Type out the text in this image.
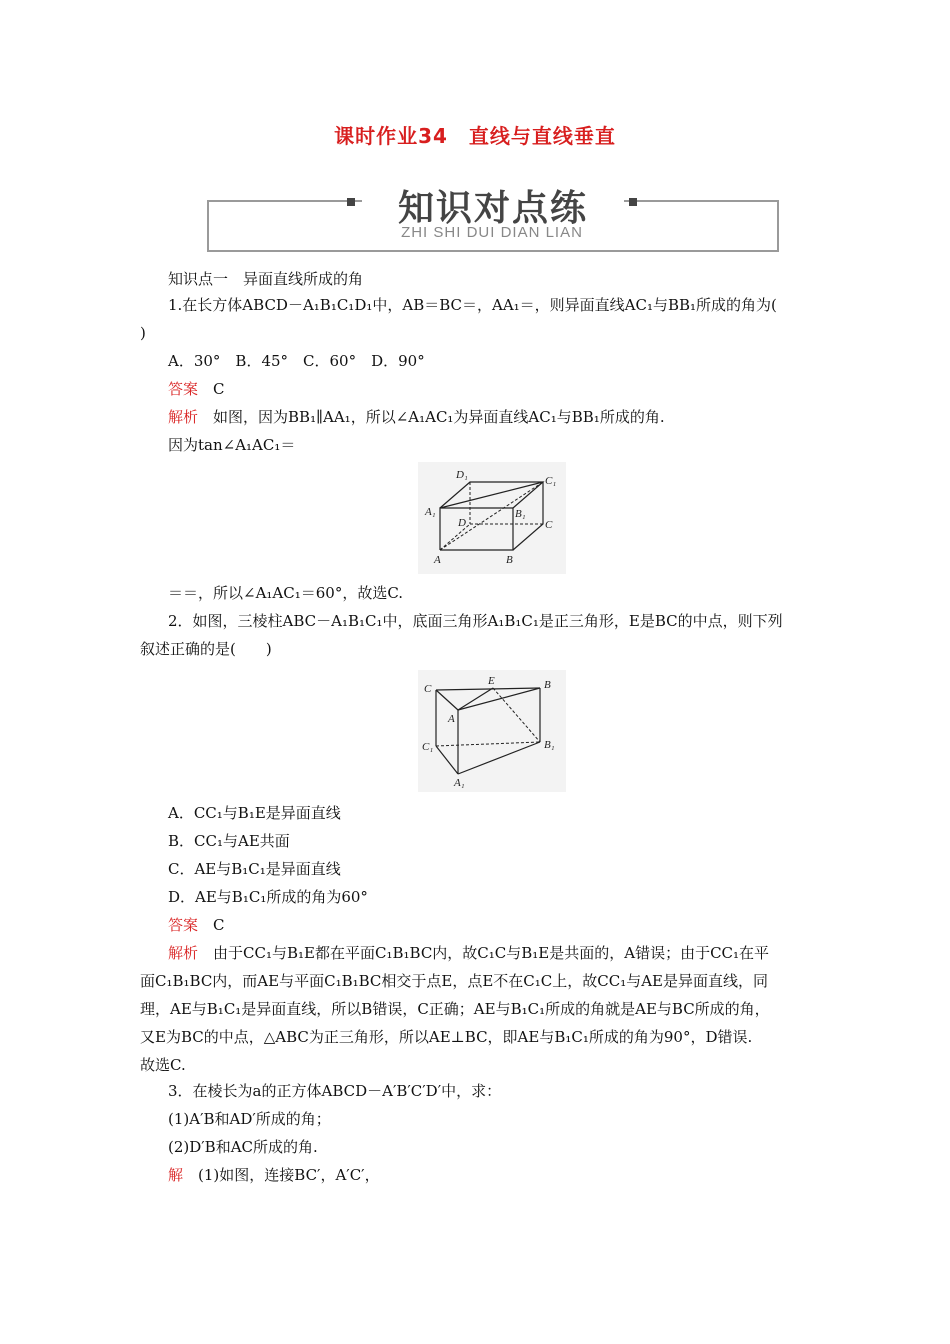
课时作业34　直线与直线垂直
知识对点练
ZHI SHI DUI DIAN LIAN
知识点一　异面直线所成的角
1.在长方体ABCD－A₁B₁C₁D₁中，AB＝BC＝，AA₁＝，则异面直线AC₁与BB₁所成的角为(
)
A．30°　B．45°　C．60°　D．90°
答案　 C
解析　 如图，因为BB₁∥AA₁，所以∠A₁AC₁为异面直线AC₁与BB₁所成的角.
因为tan∠A₁AC₁＝
D₁	C₁
A₁
D
B₁
C
A	B
＝＝，所以∠A₁AC₁＝60°，故选C.
2．如图，三棱柱ABC－A₁B₁C₁中，底面三角形A₁B₁C₁是正三角形，E是BC的中点，则下列
叙述正确的是(　　)
C
E	B
A
C₁	B₁
A₁
A．CC₁与B₁E是异面直线
B．CC₁与AE共面
C．AE与B₁C₁是异面直线
D．AE与B₁C₁所成的角为60°
答案　 C
解析　 由于CC₁与B₁E都在平面C₁B₁BC内，故C₁C与B₁E是共面的，A错误；由于CC₁在平
面C₁B₁BC内，而AE与平面C₁B₁BC相交于点E，点E不在C₁C上，故CC₁与AE是异面直线，同
理，AE与B₁C₁是异面直线，所以B错误，C正确；AE与B₁C₁所成的角就是AE与BC所成的角，
又E为BC的中点，△ABC为正三角形，所以AE⊥BC，即AE与B₁C₁所成的角为90°，D错误.
故选C.
3．在棱长为a的正方体ABCD－A′B′C′D′中，求：
(1)A′B和AD′所成的角；
(2)D′B和AC所成的角.
解　 (1)如图，连接BC′，A′C′，
